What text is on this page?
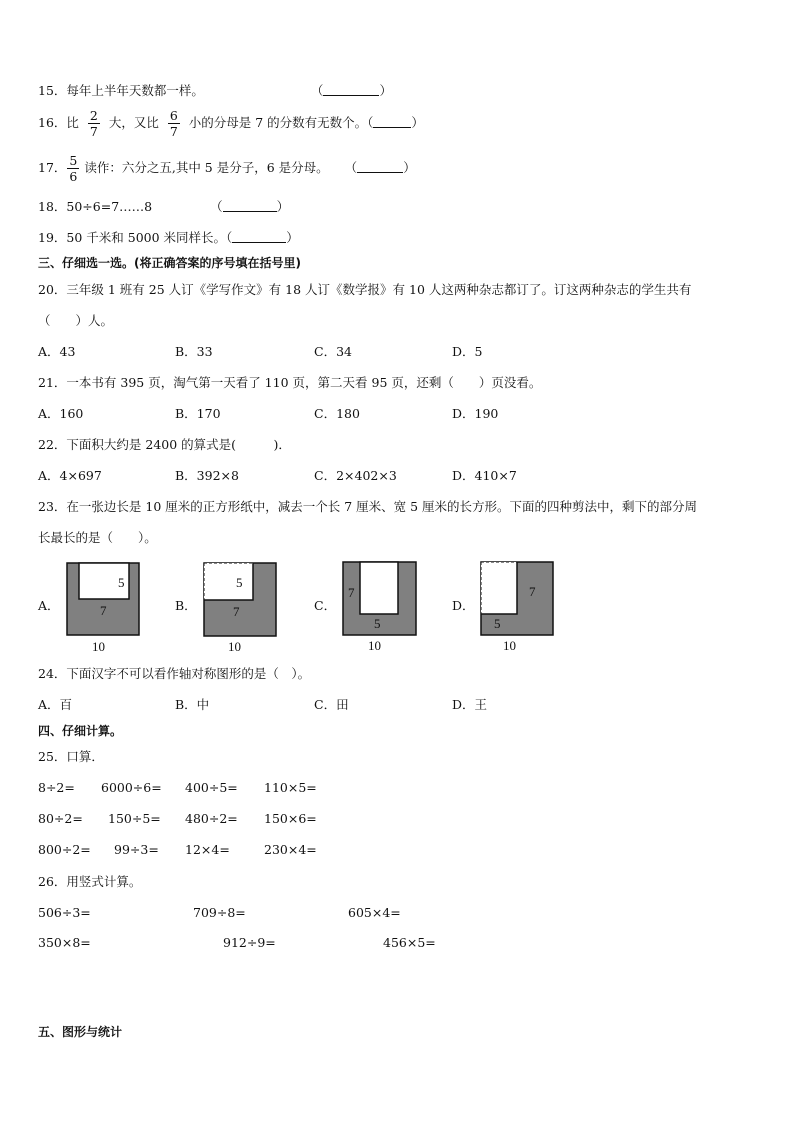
15．每年上半年天数都一样。	（	）
16．比 $\frac{2}{7}$ 大，又比 $\frac{6}{7}$ 小的分母是 7 的分数有无数个。（	）
17． $\frac{5}{6}$ 读作：六分之五,其中 5 是分子，6 是分母。 （	）
18．50÷6=7……8	（	）
19．50 千米和 5000 米同样长。（	）
三、仔细选一选。(将正确答案的序号填在括号里)
20．三年级 1 班有 25 人订《学写作文》有 18 人订《数学报》有 10 人这两种杂志都订了。订这两种杂志的学生共有
（　　）人。
A．43	B．33	C．34	D．5
21．一本书有 395 页，淘气第一天看了 110 页，第二天看 95 页，还剩（　　）页没看。
A．160	B．170	C．180	D．190
22．下面积大约是 2400 的算式是(　　　)．
A．4×697	B．392×8	C．2×402×3	D．410×7
23．在一张边长是 10 厘米的正方形纸中，减去一个长 7 厘米、宽 5 厘米的长方形。下面的四种剪法中，剩下的部分周
长最长的是（　　）。
A．	B．	C．	D．
5
7
10
5
7
10
7
5
10
7
5
10
24．下面汉字不可以看作轴对称图形的是（　）。
A．百	B．中	C．田	D．王
四、仔细计算。
25．口算．
8÷2= 6000÷6= 400÷5= 110×5=
80÷2= 150÷5= 480÷2= 150×6=
800÷2= 99÷3= 12×4=	230×4=
26．用竖式计算。
506÷3=	709÷8=	605×4=
350×8=	912÷9=	456×5=
五、图形与统计
